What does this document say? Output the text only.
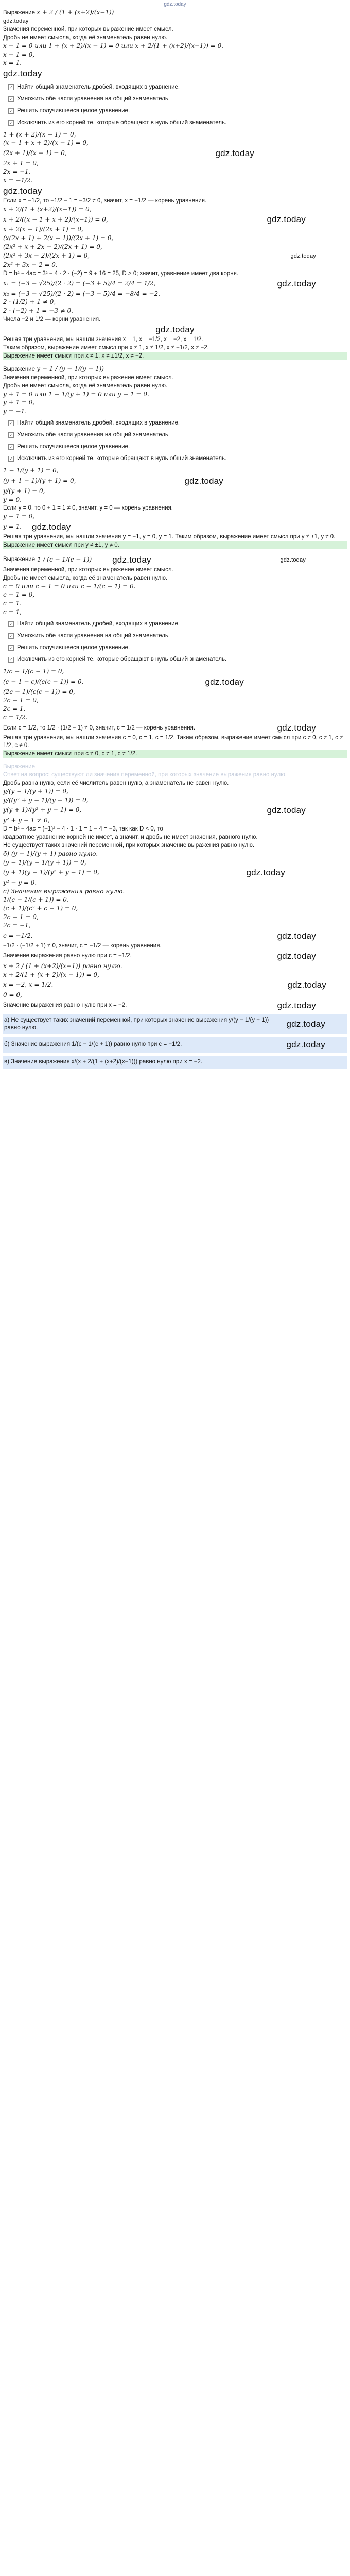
gdz.today
Выражение x + 2 / (1 + (x+2)/(x−1))
gdz.today
Значения переменной, при которых выражение имеет смысл.
Дробь не имеет смысла, когда её знаменатель равен нулю.
x − 1 = 0 или 1 + (x + 2)/(x − 1) = 0 или x + 2/(1 + (x+2)/(x−1)) = 0.
x − 1 = 0,
x = 1.
gdz.today
✓ Найти общий знаменатель дробей, входящих в уравнение.
✓ Умножить обе части уравнения на общий знаменатель.
✓ Решить получившееся целое уравнение.
✓ Исключить из его корней те, которые обращают в нуль общий знаменатель.
1 + (x + 2)/(x − 1) = 0,
(x − 1 + x + 2)/(x − 1) = 0,
(2x + 1)/(x − 1) = 0,	gdz.today
2x + 1 = 0,
2x = −1,
x = −1/2.
gdz.today
Если x = −1/2, то −1/2 − 1 = −3/2 ≠ 0, значит, x = −1/2 — корень уравнения.
x + 2/(1 + (x+2)/(x−1)) = 0,
x + 2/((x − 1 + x + 2)/(x−1)) = 0,	gdz.today
x + 2(x − 1)/(2x + 1) = 0,
(x(2x + 1) + 2(x − 1))/(2x + 1) = 0,
(2x² + x + 2x − 2)/(2x + 1) = 0,
(2x² + 3x − 2)/(2x + 1) = 0,	gdz.today
2x² + 3x − 2 = 0.
D = b² − 4ac = 3² − 4 · 2 · (−2) = 9 + 16 = 25, D > 0; значит, уравнение имеет два корня.
x₁ = (−3 + √25)/(2 · 2) = (−3 + 5)/4 = 2/4 = 1/2,	gdz.today
x₂ = (−3 − √25)/(2 · 2) = (−3 − 5)/4 = −8/4 = −2.
2 · (1/2) + 1 ≠ 0,
2 · (−2) + 1 = −3 ≠ 0.
Числа −2 и 1/2 — корни уравнения.
gdz.today
Решая три уравнения, мы нашли значения x = 1, x = −1/2, x = −2, x = 1/2.
Таким образом, выражение имеет смысл при x ≠ 1, x ≠ 1/2, x ≠ −1/2, x ≠ −2.
Выражение имеет смысл при x ≠ 1, x ≠ ±1/2, x ≠ −2.
Выражение y − 1 / (y − 1/(y − 1))
Значения переменной, при которых выражение имеет смысл.
Дробь не имеет смысла, когда её знаменатель равен нулю.
y + 1 = 0 или 1 − 1/(y + 1) = 0 или y − 1 = 0.
y + 1 = 0,
y = −1.
✓ Найти общий знаменатель дробей, входящих в уравнение.
✓ Умножить обе части уравнения на общий знаменатель.
✓ Решить получившееся целое уравнение.
✓ Исключить из его корней те, которые обращают в нуль общий знаменатель.
1 − 1/(y + 1) = 0,
(y + 1 − 1)/(y + 1) = 0,	gdz.today
y/(y + 1) = 0,
y = 0.
Если y = 0, то 0 + 1 = 1 ≠ 0, значит, y = 0 — корень уравнения.
y − 1 = 0,
y = 1. gdz.today
Решая три уравнения, мы нашли значения y = −1, y = 0, y = 1. Таким образом, выражение имеет смысл при y ≠ ±1, y ≠ 0.
Выражение имеет смысл при y ≠ ±1, y ≠ 0.
Выражение 1 / (c − 1/(c − 1)) gdz.today	gdz.today
Значения переменной, при которых выражение имеет смысл.
Дробь не имеет смысла, когда её знаменатель равен нулю.
c = 0 или c − 1 = 0 или c − 1/(c − 1) = 0.
c − 1 = 0,
c = 1.
c = 1,
✓ Найти общий знаменатель дробей, входящих в уравнение.
✓ Умножить обе части уравнения на общий знаменатель.
✓ Решить получившееся целое уравнение.
✓ Исключить из его корней те, которые обращают в нуль общий знаменатель.
1/c − 1/(c − 1) = 0,
(c − 1 − c)/(c(c − 1)) = 0,	gdz.today
(2c − 1)/(c(c − 1)) = 0,
2c − 1 = 0,
2c = 1,
c = 1/2.
Если c = 1/2, то 1/2 · (1/2 − 1) ≠ 0, значит, c = 1/2 — корень уравнения.	gdz.today
Решая три уравнения, мы нашли значения c = 0, c = 1, c = 1/2. Таким образом, выражение имеет смысл при c ≠ 0, c ≠ 1, c ≠ 1/2, c ≠ 0.
Выражение имеет смысл при c ≠ 0, c ≠ 1, c ≠ 1/2.
Выражение
Ответ на вопрос: существуют ли значения переменной, при которых значение выражения равно нулю.
Дробь равна нулю, если её числитель равен нулю, а знаменатель не равен нулю.
y/(y − 1/(y + 1)) = 0,
y/((y² + y − 1)/(y + 1)) = 0,
y(y + 1)/(y² + y − 1) = 0,	gdz.today
y² + y − 1 ≠ 0,
D = b² − 4ac = (−1)² − 4 · 1 · 1 = 1 − 4 = −3, так как D < 0, то
квадратное уравнение корней не имеет, а значит, и дробь не имеет значения, равного нулю.
Не существует таких значений переменной, при которых значение выражения равно нулю.
б) (y − 1)/(y + 1) равно нулю.
(y − 1)/(y − 1/(y + 1)) = 0,
(y + 1)(y − 1)/(y² + y − 1) = 0,	gdz.today
y² − y = 0.
c) Значение выражения равно нулю.
1/(c − 1/(c + 1)) = 0,
(c + 1)/(c² + c − 1) = 0,
2c − 1 = 0,
2c = −1,
c = −1/2.	gdz.today
−1/2 · (−1/2 + 1) ≠ 0, значит, c = −1/2 — корень уравнения.
Значение выражения равно нулю при c = −1/2.	gdz.today
x + 2 / (1 + (x+2)/(x−1)) равно нулю.
x + 2/(1 + (x + 2)/(x − 1)) = 0,
x = −2, x = 1/2.	gdz.today
0 = 0,
Значение выражения равно нулю при x = −2.	gdz.today
а) Не существует таких значений переменной, при которых значение выражения y/(y − 1/(y + 1)) равно нулю.	gdz.today
б) Значение выражения 1/(c − 1/(c + 1)) равно нулю при c = −1/2.	gdz.today
в) Значение выражения x/(x + 2/(1 + (x+2)/(x−1))) равно нулю при x = −2.
